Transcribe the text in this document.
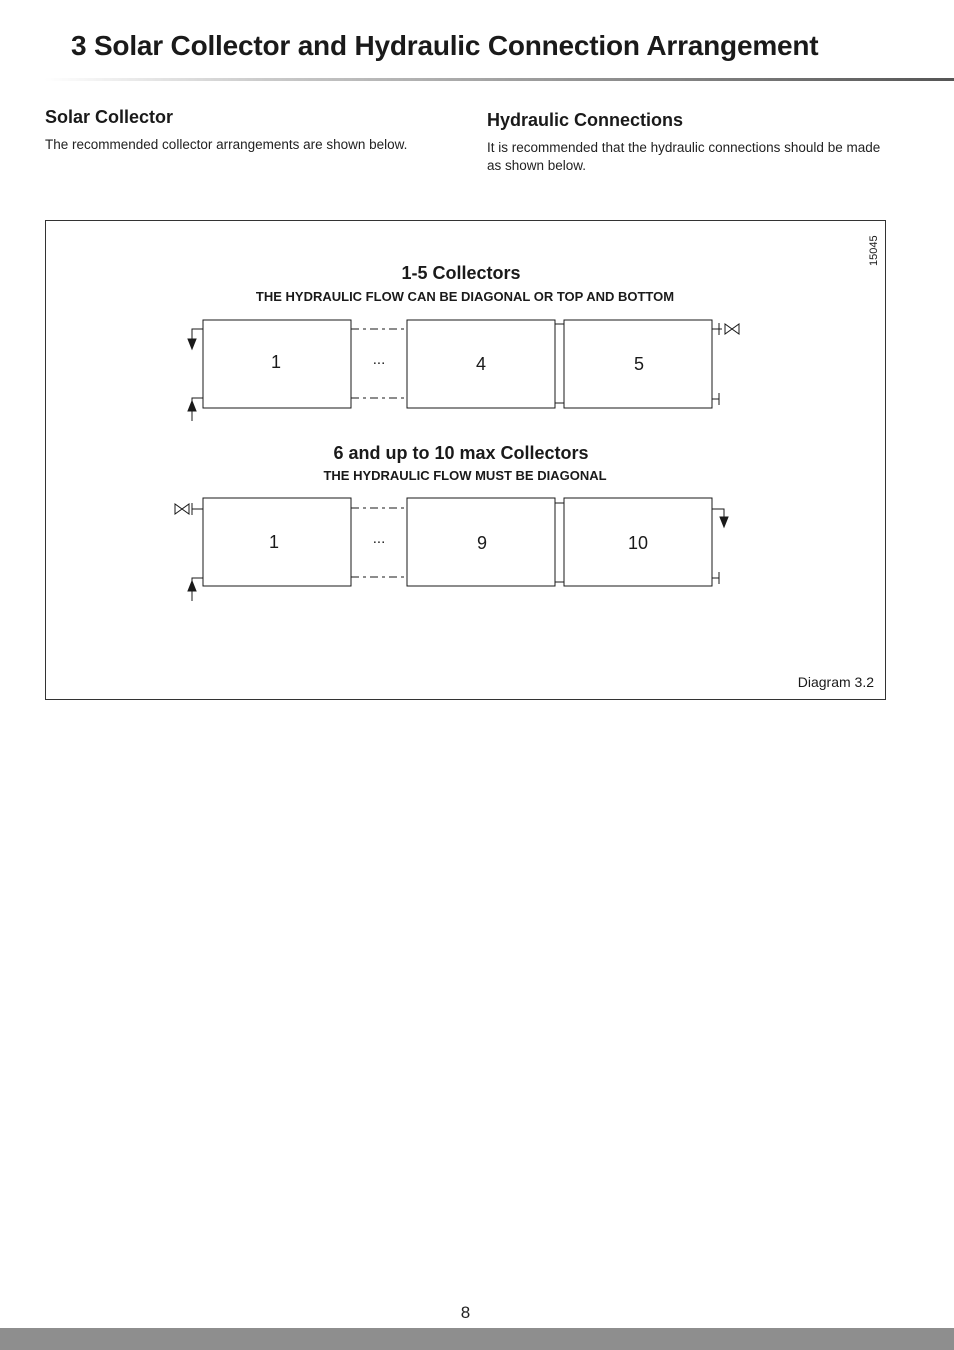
3 Solar Collector and Hydraulic Connection Arrangement
Solar Collector

The recommended collector arrangements are shown below.

Hydraulic Connections

It is recommended that the hydraulic connections should be made as shown below.

15045
1-5 Collectors
THE HYDRAULIC FLOW CAN BE DIAGONAL OR TOP AND BOTTOM
1	...	4	5
6 and up to 10 max Collectors
THE HYDRAULIC FLOW MUST BE DIAGONAL
1	...	9	10
Diagram 3.2
8
